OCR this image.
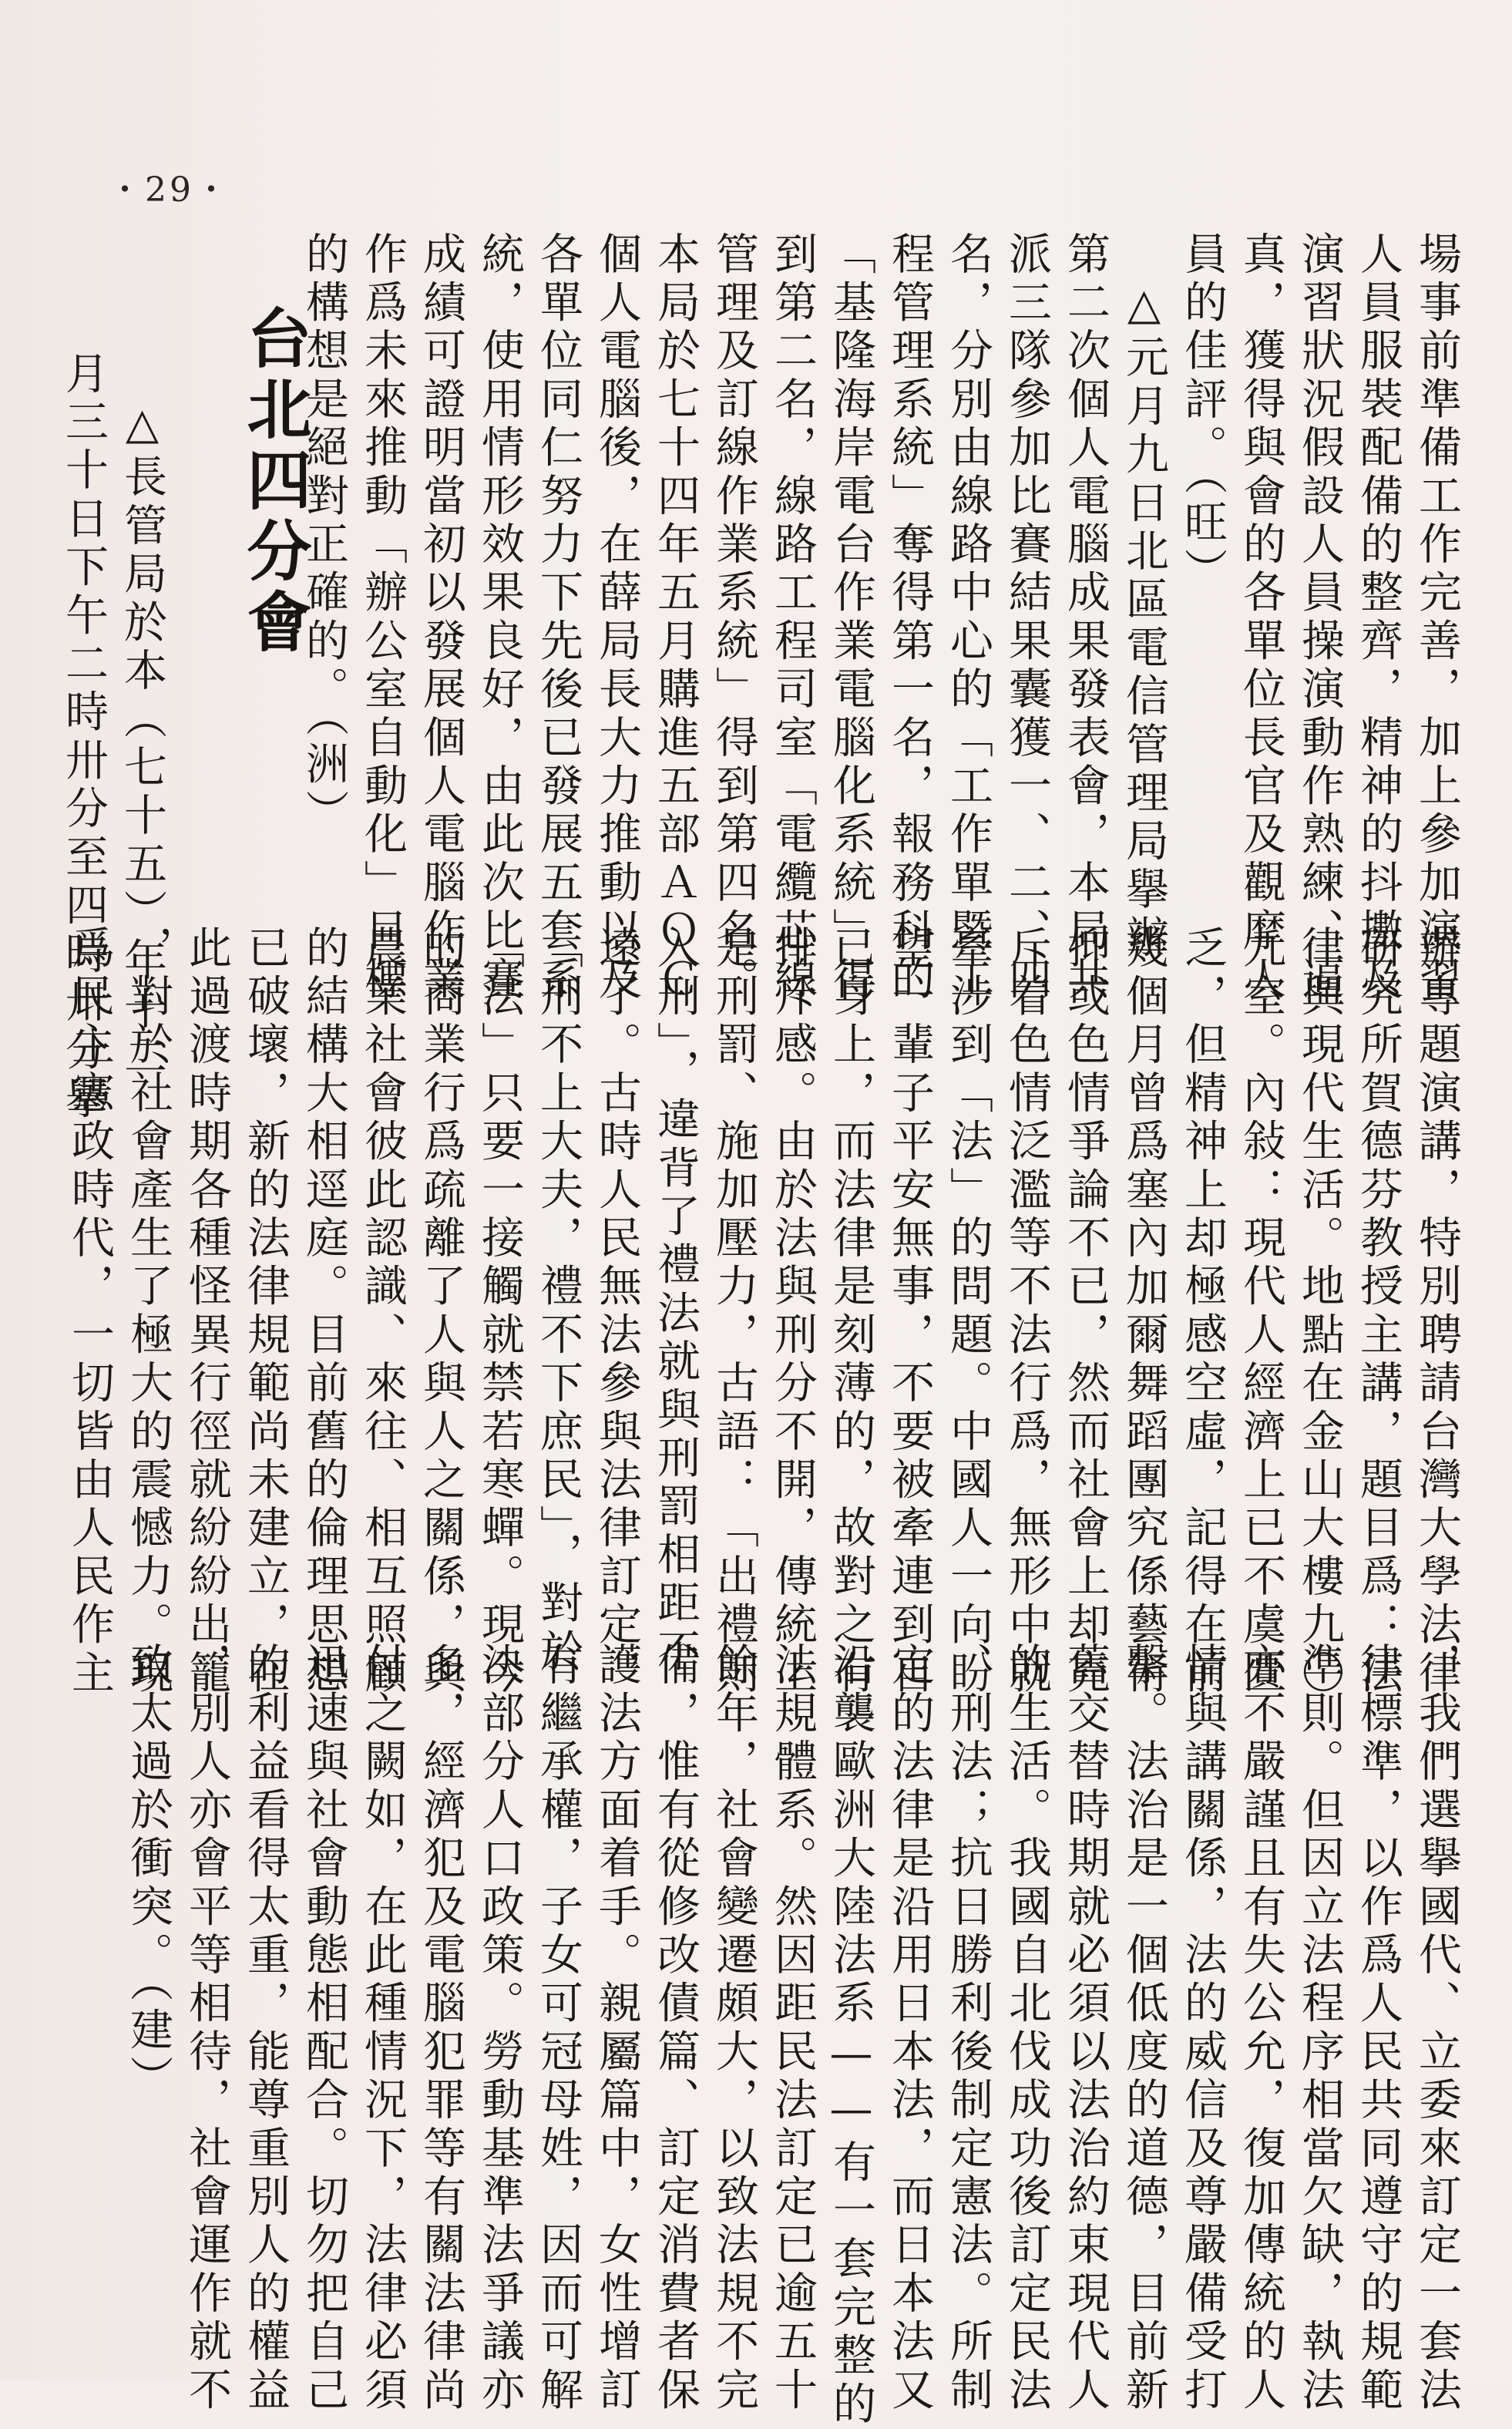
・29・
場事前準備工作完善，加上參加演習
人員服裝配備的整齊，精神的抖擻及
演習狀況假設人員操演動作熟練、逼
真，獲得與會的各單位長官及觀摩人
員的佳評。（旺）
　△元月九日北區電信管理局擧辦
第二次個人電腦成果發表會，本局共
派三隊參加比賽結果囊獲一、二、四
名，分別由線路中心的「工作單暨工
程管理系統」奪得第一名，報務科的
「基隆海岸電台作業電腦化系統」得
到第二名，線路工程司室「電纜芯線
管理及訂線作業系統」得到第四名。
本局於七十四年五月購進五部ＡＯＣ
個人電腦後，在薛局長大力推動以及
各單位同仁努力下先後已發展五套系
統，使用情形效果良好，由此次比賽
成績可證明當初以發展個人電腦作業
作爲未來推動「辦公室自動化」目標
的構想是絕對正確的。（洲）
台北四分會
　△長管局於本（七十五）年十二
月三十日下午二時卅分至四時卅分擧
辦專題演講，特別聘請台灣大學法律
研究所賀德芬教授主講，題目爲：法
律與現代生活。地點在金山大樓九〇
九室。內敍：現代人經濟上已不虞匱
乏，但精神上却極感空虛，記得在前
幾個月曾爲塞內加爾舞蹈團究係藝術
抑或色情爭論不已，然而社會上却充
斥着色情泛濫等不法行爲，無形中就
牽涉到「法」的問題。中國人一向盼
望一輩子平安無事，不要被牽連到自
已身上，而法律是刻薄的，故對之有
排斥感。由於法與刑分不開，傳統上
是刑罰、施加壓力，古語：「出禮則
入刑」，違背了禮法就與刑罰相距不
遠了。古時人民無法參與法律訂定，
「刑不上大夫，禮不下庶民」，對於
「法」只要一接觸就禁若寒蟬。現今
的商業行爲疏離了人與人之關係，與
農業社會彼此認識、來往、相互照顧
的結構大相逕庭。目前舊的倫理思想
已破壞，新的法律規範尚未建立，在
此過渡時期各種怪異行徑就紛紛出籠
，對於社會產生了極大的震憾力。現
爲民主憲政時代，一切皆由人民作主
，我們選擧國代、立委來訂定一套法
律標準，以作爲人民共同遵守的規範
準則。但因立法程序相當欠缺，執法
亦不嚴謹且有失公允，復加傳統的人
情與講關係，法的威信及尊嚴備受打
擊。法治是一個低度的道德，目前新
舊交替時期就必須以法治約束現代人
的生活。我國自北伐成功後訂定民法
、刑法；抗日勝利後制定憲法。所制
定的法律是沿用日本法，而日本法又
沿襲歐洲大陸法系——有一套完整的
法規體系。然因距民法訂定已逾五十
餘年，社會變遷頗大，以致法規不完
備，惟有從修改債篇、訂定消費者保
護法方面着手。親屬篇中，女性增訂
有繼承權，子女可冠母姓，因而可解
決部分人口政策。勞動基準法爭議亦
多，經濟犯及電腦犯罪等有關法律尚
付之闕如，在此種情況下，法律必須
迅速與社會動態相配合。切勿把自己
的利益看得太重，能尊重別人的權益
，別人亦會平等相待，社會運作就不
致太過於衝突。（建）
